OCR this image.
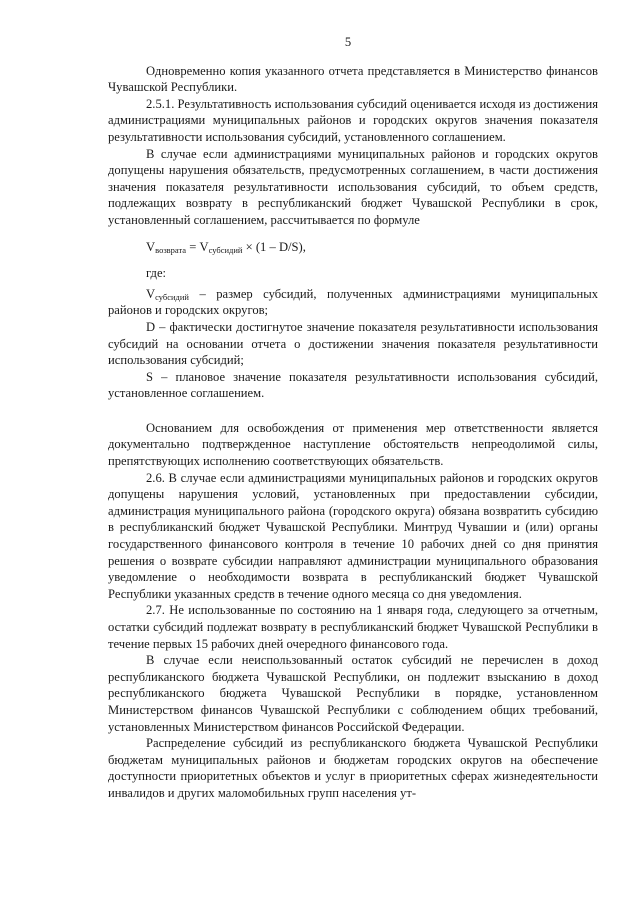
5

Одновременно копия указанного отчета представляется в Министерство финансов Чувашской Республики.

2.5.1. Результативность использования субсидий оценивается исходя из достижения администрациями муниципальных районов и городских округов значения показателя результативности использования субсидий, установленного соглашением.

В случае если администрациями муниципальных районов и городских округов допущены нарушения обязательств, предусмотренных соглашением, в части достижения значения показателя результативности использования субсидий, то объем средств, подлежащих возврату в республиканский бюджет Чувашской Республики в срок, установленный соглашением, рассчитывается по формуле

$V_{возврата} = V_{субсидий} \times (1 - D/S)$,
где:

$V_{субсидий}$ – размер субсидий, полученных администрациями муниципальных районов и городских округов;

D – фактически достигнутое значение показателя результативности использования субсидий на основании отчета о достижении значения показателя результативности использования субсидий;

S – плановое значение показателя результативности использования субсидий, установленное соглашением.

Основанием для освобождения от применения мер ответственности является документально подтвержденное наступление обстоятельств непреодолимой силы, препятствующих исполнению соответствующих обязательств.

2.6. В случае если администрациями муниципальных районов и городских округов допущены нарушения условий, установленных при предоставлении субсидии, администрация муниципального района (городского округа) обязана возвратить субсидию в республиканский бюджет Чувашской Республики. Минтруд Чувашии и (или) органы государственного финансового контроля в течение 10 рабочих дней со дня принятия решения о возврате субсидии направляют администрации муниципального образования уведомление о необходимости возврата в республиканский бюджет Чувашской Республики указанных средств в течение одного месяца со дня уведомления.

2.7. Не использованные по состоянию на 1 января года, следующего за отчетным, остатки субсидий подлежат возврату в республиканский бюджет Чувашской Республики в течение первых 15 рабочих дней очередного финансового года.

В случае если неиспользованный остаток субсидий не перечислен в доход республиканского бюджета Чувашской Республики, он подлежит взысканию в доход республиканского бюджета Чувашской Республики в порядке, установленном Министерством финансов Чувашской Республики с соблюдением общих требований, установленных Министерством финансов Российской Федерации.

Распределение субсидий из республиканского бюджета Чувашской Республики бюджетам муниципальных районов и бюджетам городских округов на обеспечение доступности приоритетных объектов и услуг в приоритетных сферах жизнедеятельности инвалидов и других маломобильных групп населения ут-
